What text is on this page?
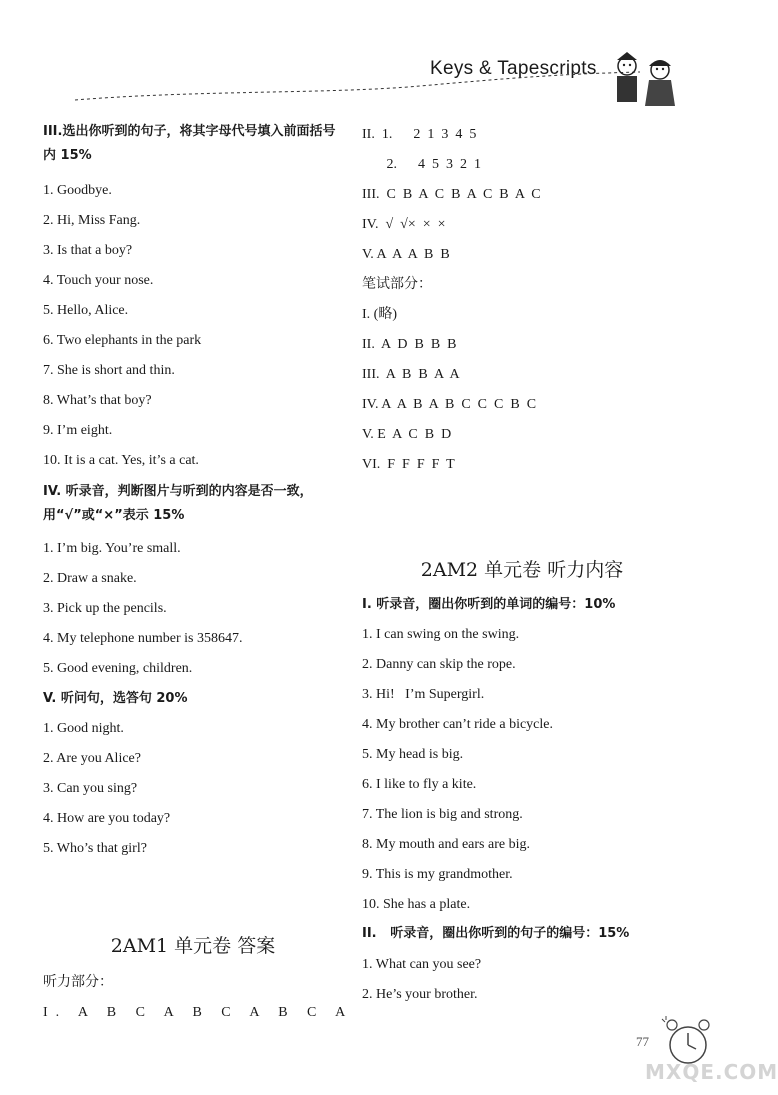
Keys & Tapescripts
III.选出你听到的句子，将其字母代号填入前面括号内 15%
1. Goodbye.
2. Hi, Miss Fang.
3. Is that a boy?
4. Touch your nose.
5. Hello, Alice.
6. Two elephants in the park
7. She is short and thin.
8. What’s that boy?
9. I’m eight.
10. It is a cat. Yes, it’s a cat.
IV. 听录音，判断图片与听到的内容是否一致，用“√”或“×”表示 15%
1. I’m big. You’re small.
2. Draw a snake.
3. Pick up the pencils.
4. My telephone number is 358647.
5. Good evening, children.
V. 听问句，选答句 20%
1. Good night.
2. Are you Alice?
3. Can you sing?
4. How are you today?
5. Who’s that girl?
2AM1 单元卷 答案
听力部分：
I. A B C A B C A B C A
II.  1.      2  1  3  4  5
2.      4  5  3  2  1
III.  C  B  A  C  B  A  C  B  A  C
IV.  √  √×  ×  ×
V. A  A  A  B  B
笔试部分：
I. (略)
II.  A  D  B  B  B
III.  A  B  B  A  A
IV. A  A  B  A  B  C  C  C  B  C
V. E  A  C  B  D
VI.  F  F  F  F  T
2AM2 单元卷 听力内容
I. 听录音，圈出你听到的单词的编号：10%
1. I can swing on the swing.
2. Danny can skip the rope.
3. Hi!   I’m Supergirl.
4. My brother can’t ride a bicycle.
5. My head is big.
6. I like to fly a kite.
7. The lion is big and strong.
8. My mouth and ears are big.
9. This is my grandmother.
10. She has a plate.
II.   听录音，圈出你听到的句子的编号：15%
1. What can you see?
2. He’s your brother.
77
MXQE.COM
